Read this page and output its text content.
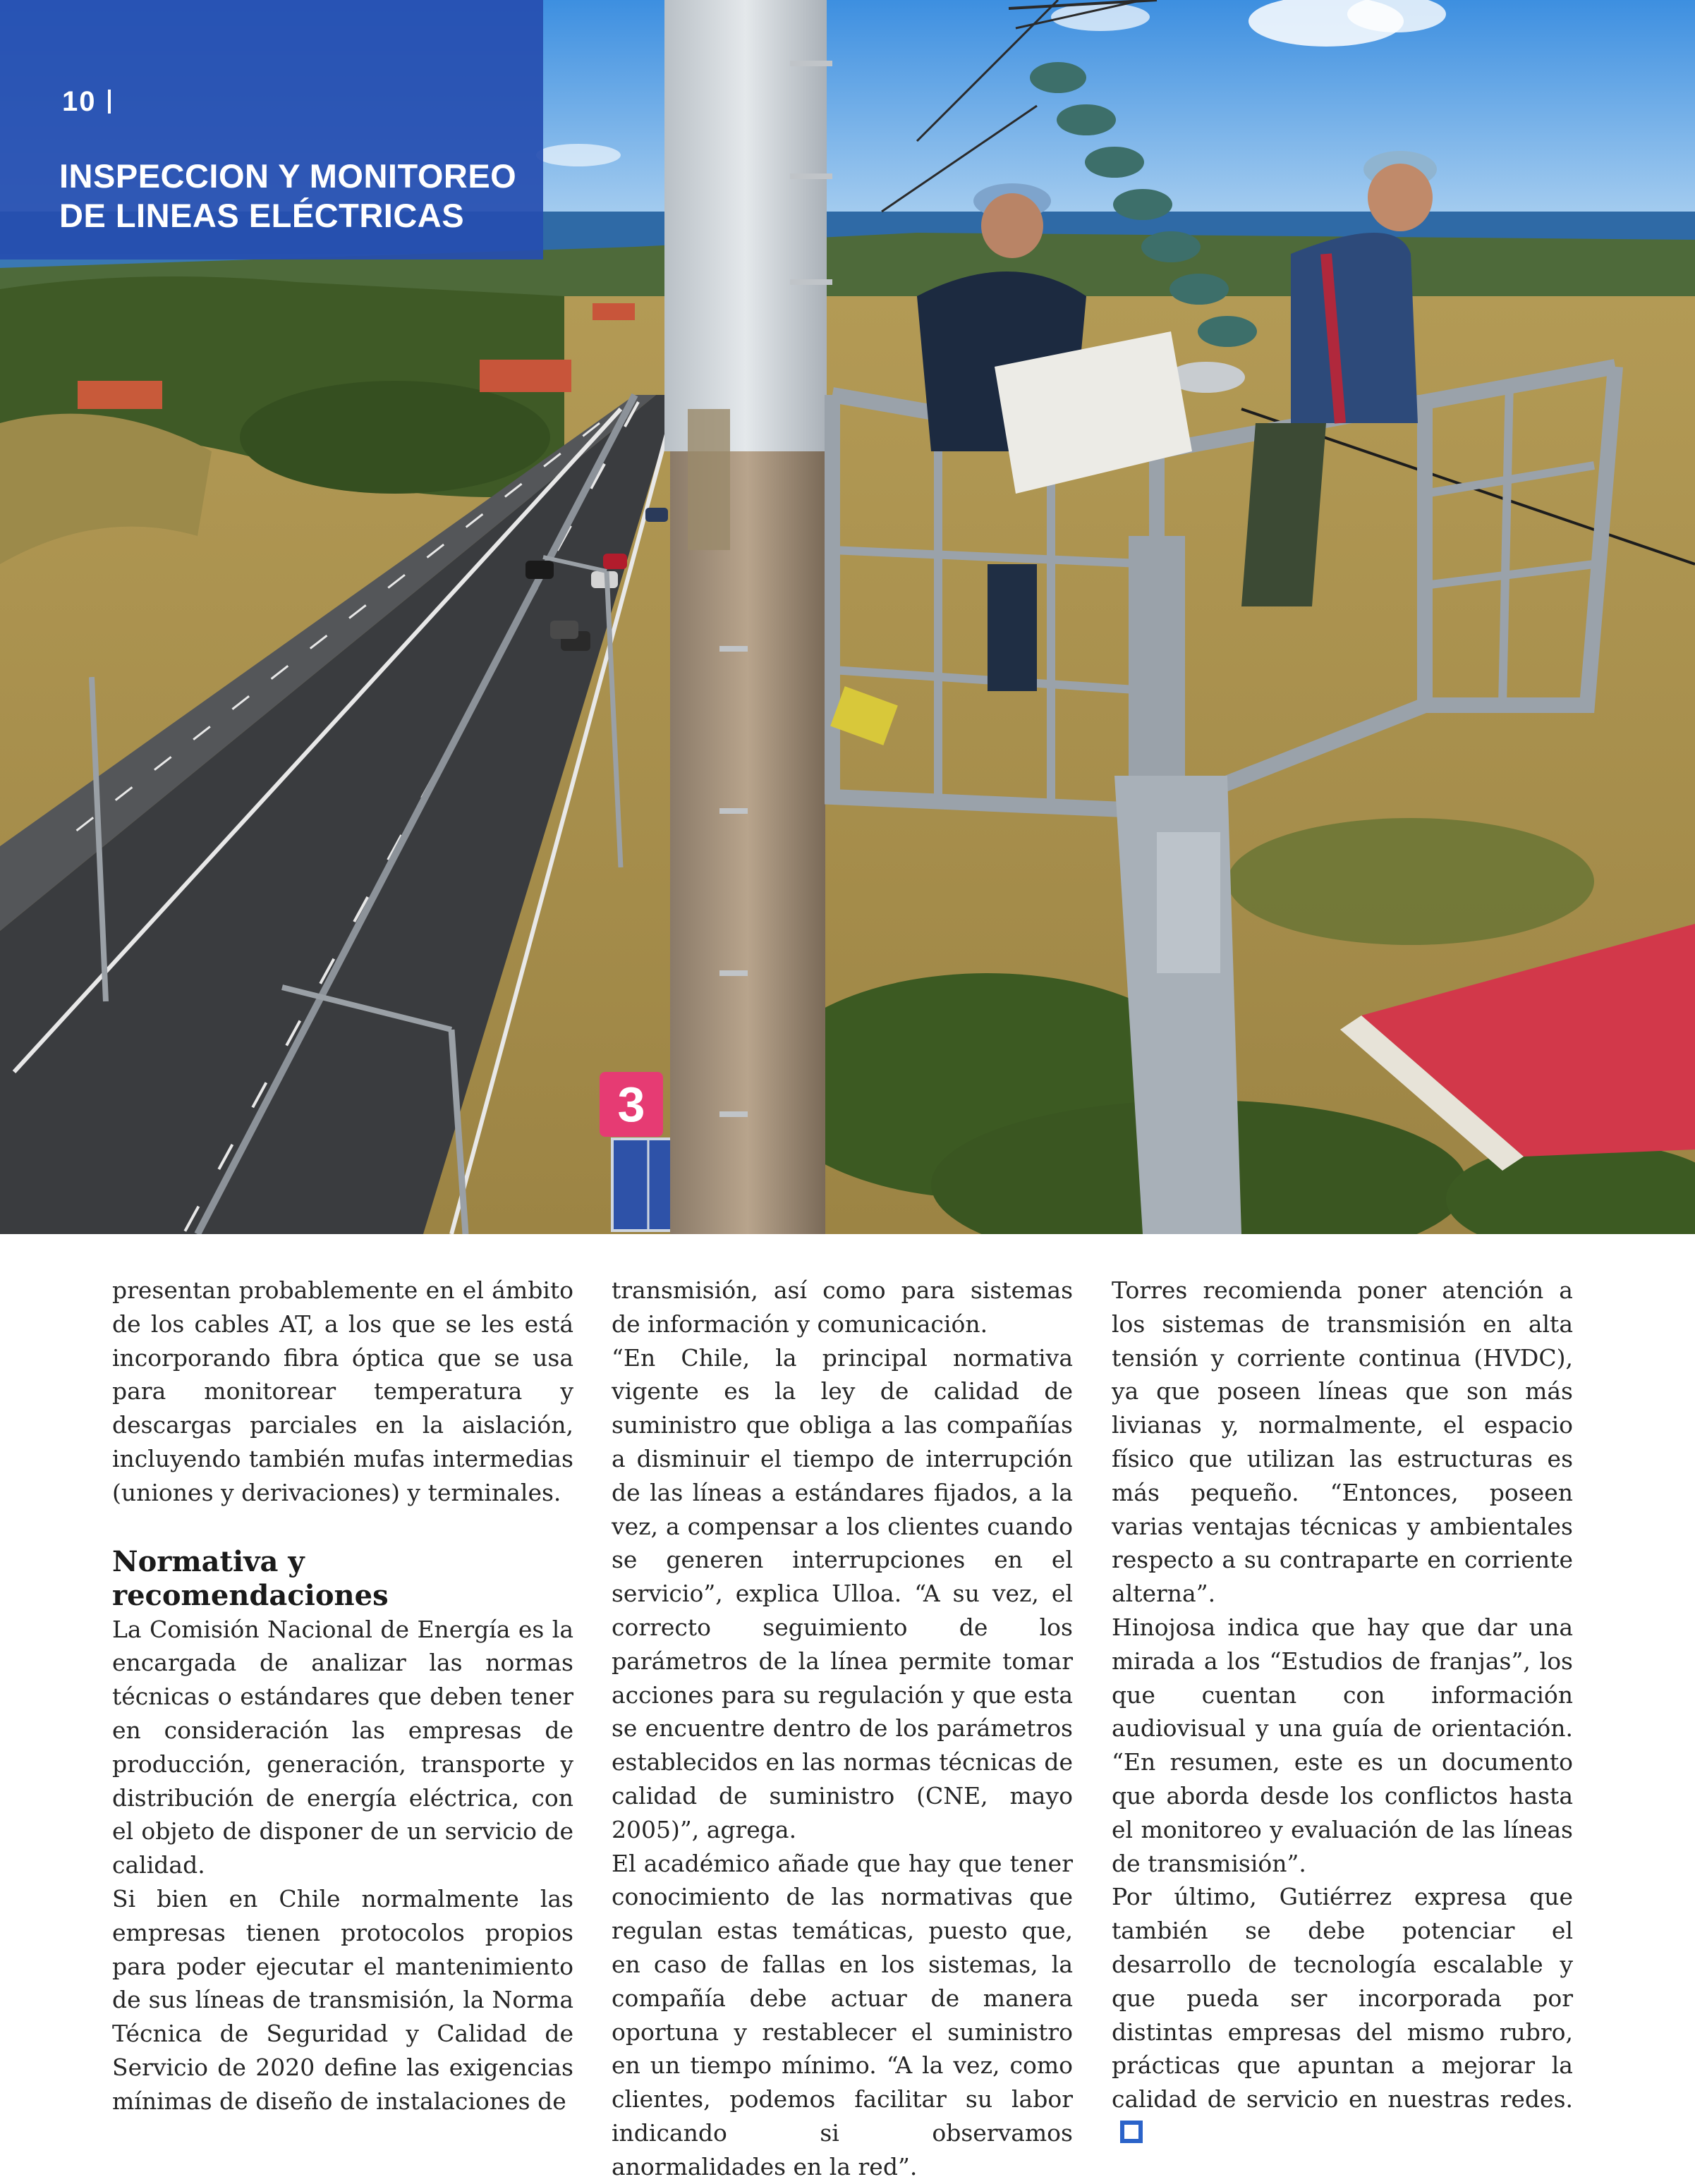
3
10
INSPECCION Y MONITOREO
DE LINEAS ELÉCTRICAS

presentan probablemente en el ámbito de los cables AT, a los que se les está incorporando fibra óptica que se usa para monitorear temperatura y descargas parciales en la aislación, incluyendo también mufas intermedias (uniones y derivaciones) y terminales.

Normativa y recomendaciones

La Comisión Nacional de Energía es la encargada de analizar las normas técnicas o estándares que deben tener en consideración las empresas de producción, generación, transporte y distribución de energía eléctrica, con el objeto de disponer de un servicio de calidad.

Si bien en Chile normalmente las empresas tienen protocolos propios para poder ejecutar el mantenimiento de sus líneas de transmisión, la Norma Técnica de Seguridad y Calidad de Servicio de 2020 define las exigencias mínimas de diseño de instalaciones de

transmisión, así como para sistemas de información y comunicación.

“En Chile, la principal normativa vigente es la ley de calidad de suministro que obliga a las compañías a disminuir el tiempo de interrupción de las líneas a estándares fijados, a la vez, a compensar a los clientes cuando se generen interrupciones en el servicio”, explica Ulloa. “A su vez, el correcto seguimiento de los parámetros de la línea permite tomar acciones para su regulación y que esta se encuentre dentro de los parámetros establecidos en las normas técnicas de calidad de suministro (CNE, mayo 2005)”, agrega.

El académico añade que hay que tener conocimiento de las normativas que regulan estas temáticas, puesto que, en caso de fallas en los sistemas, la compañía debe actuar de manera oportuna y restablecer el suministro en un tiempo mínimo. “A la vez, como clientes, podemos facilitar su labor indicando si observamos anormalidades en la red”.

Torres recomienda poner atención a los sistemas de transmisión en alta tensión y corriente continua (HVDC), ya que poseen líneas que son más livianas y, normalmente, el espacio físico que utilizan las estructuras es más pequeño. “Entonces, poseen varias ventajas técnicas y ambientales respecto a su contraparte en corriente alterna”.

Hinojosa indica que hay que dar una mirada a los “Estudios de franjas”, los que cuentan con información audiovisual y una guía de orientación. “En resumen, este es un documento que aborda desde los conflictos hasta el monitoreo y evaluación de las líneas de transmisión”.

Por último, Gutiérrez expresa que también se debe potenciar el desarrollo de tecnología escalable y que pueda ser incorporada por distintas empresas del mismo rubro, prácticas que apuntan a mejorar la calidad de servicio en nuestras redes.
